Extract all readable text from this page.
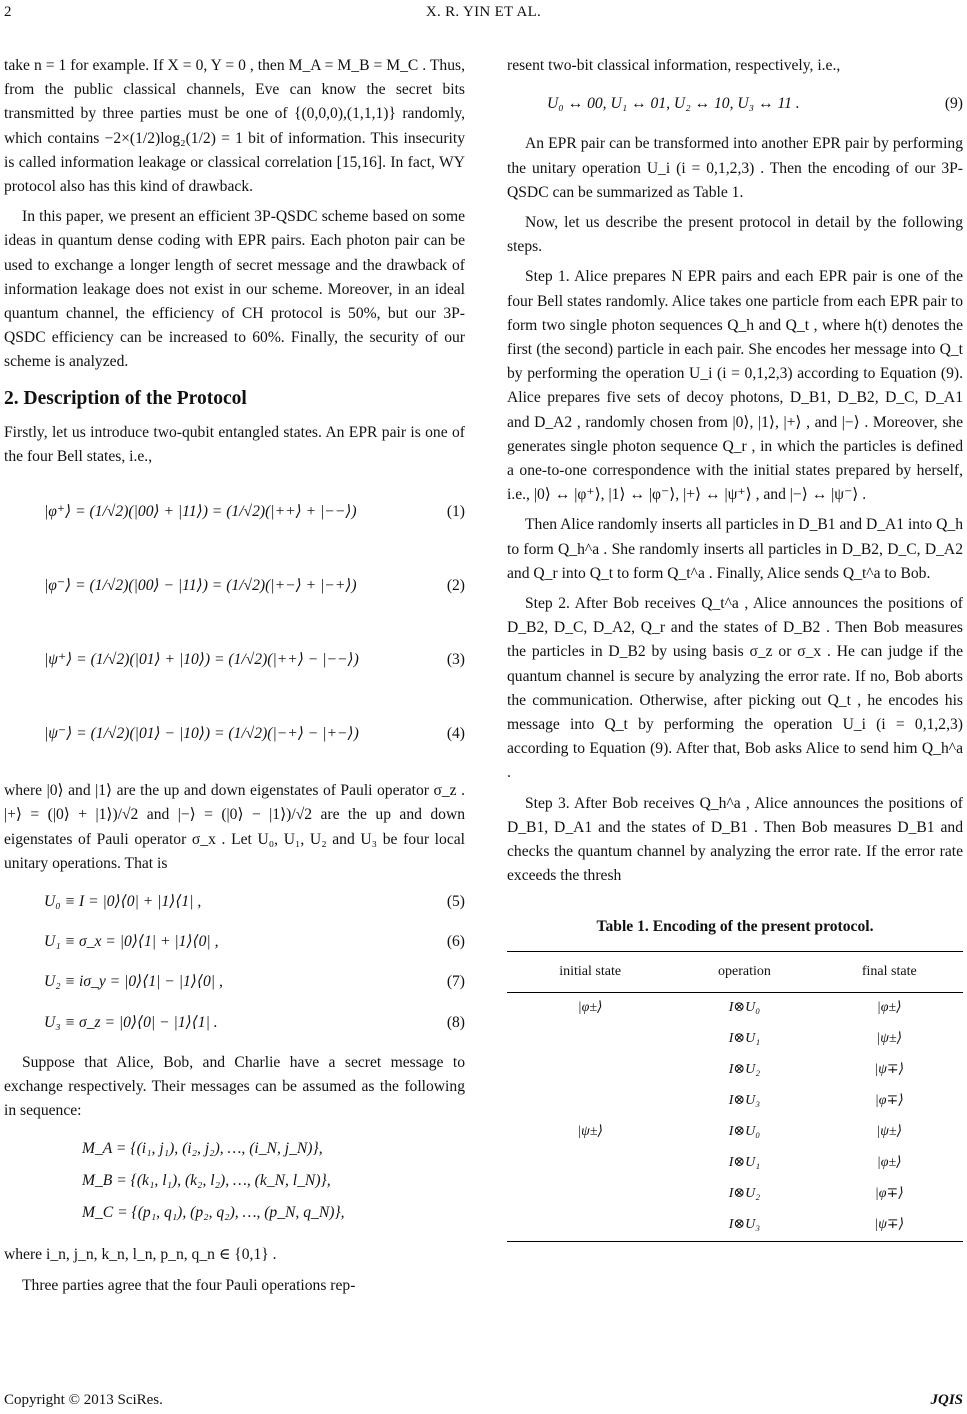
2	X. R. YIN ET AL.

take n = 1 for example. If X = 0, Y = 0 , then M_A = M_B = M_C . Thus, from the public classical channels, Eve can know the secret bits transmitted by three parties must be one of {(0,0,0),(1,1,1)} randomly, which contains −2×(1/2)log₂(1/2) = 1 bit of information. This insecurity is called information leakage or classical correlation [15,16]. In fact, WY protocol also has this kind of drawback.

In this paper, we present an efficient 3P-QSDC scheme based on some ideas in quantum dense coding with EPR pairs. Each photon pair can be used to exchange a longer length of secret message and the drawback of information leakage does not exist in our scheme. Moreover, in an ideal quantum channel, the efficiency of CH protocol is 50%, but our 3P-QSDC efficiency can be increased to 60%. Finally, the security of our scheme is analyzed.

2. Description of the Protocol

Firstly, let us introduce two-qubit entangled states. An EPR pair is one of the four Bell states, i.e.,

|φ⁺⟩ = (1/√2)(|00⟩ + |11⟩) = (1/√2)(|++⟩ + |−−⟩)	(1)
|φ⁻⟩ = (1/√2)(|00⟩ − |11⟩) = (1/√2)(|+−⟩ + |−+⟩)	(2)
|ψ⁺⟩ = (1/√2)(|01⟩ + |10⟩) = (1/√2)(|++⟩ − |−−⟩)	(3)
|ψ⁻⟩ = (1/√2)(|01⟩ − |10⟩) = (1/√2)(|−+⟩ − |+−⟩)	(4)

where |0⟩ and |1⟩ are the up and down eigenstates of Pauli operator σ_z . |+⟩ = (|0⟩ + |1⟩)/√2 and |−⟩ = (|0⟩ − |1⟩)/√2 are the up and down eigenstates of Pauli operator σ_x . Let U₀, U₁, U₂ and U₃ be four local unitary operations. That is

U₀ ≡ I = |0⟩⟨0| + |1⟩⟨1| ,	(5)
U₁ ≡ σ_x = |0⟩⟨1| + |1⟩⟨0| ,	(6)
U₂ ≡ iσ_y = |0⟩⟨1| − |1⟩⟨0| ,	(7)
U₃ ≡ σ_z = |0⟩⟨0| − |1⟩⟨1| .	(8)

Suppose that Alice, Bob, and Charlie have a secret message to exchange respectively. Their messages can be assumed as the following in sequence:

M_A = {(i₁, j₁), (i₂, j₂), …, (i_N, j_N)},
M_B = {(k₁, l₁), (k₂, l₂), …, (k_N, l_N)},
M_C = {(p₁, q₁), (p₂, q₂), …, (p_N, q_N)},

where i_n, j_n, k_n, l_n, p_n, q_n ∈ {0,1} .

Three parties agree that the four Pauli operations rep-

resent two-bit classical information, respectively, i.e.,

U₀ ↔ 00, U₁ ↔ 01, U₂ ↔ 10, U₃ ↔ 11 .	(9)

An EPR pair can be transformed into another EPR pair by performing the unitary operation U_i (i = 0,1,2,3) . Then the encoding of our 3P-QSDC can be summarized as Table 1.

Now, let us describe the present protocol in detail by the following steps.

Step 1. Alice prepares N EPR pairs and each EPR pair is one of the four Bell states randomly. Alice takes one particle from each EPR pair to form two single photon sequences Q_h and Q_t , where h(t) denotes the first (the second) particle in each pair. She encodes her message into Q_t by performing the operation U_i (i = 0,1,2,3) according to Equation (9). Alice prepares five sets of decoy photons, D_B1, D_B2, D_C, D_A1 and D_A2 , randomly chosen from |0⟩, |1⟩, |+⟩ , and |−⟩ . Moreover, she generates single photon sequence Q_r , in which the particles is defined a one-to-one correspondence with the initial states prepared by herself, i.e., |0⟩ ↔ |φ⁺⟩, |1⟩ ↔ |φ⁻⟩, |+⟩ ↔ |ψ⁺⟩ , and |−⟩ ↔ |ψ⁻⟩ .

Then Alice randomly inserts all particles in D_B1 and D_A1 into Q_h to form Q_h^a . She randomly inserts all particles in D_B2, D_C, D_A2 and Q_r into Q_t to form Q_t^a . Finally, Alice sends Q_t^a to Bob.

Step 2. After Bob receives Q_t^a , Alice announces the positions of D_B2, D_C, D_A2, Q_r and the states of D_B2 . Then Bob measures the particles in D_B2 by using basis σ_z or σ_x . He can judge if the quantum channel is secure by analyzing the error rate. If no, Bob aborts the communication. Otherwise, after picking out Q_t , he encodes his message into Q_t by performing the operation U_i (i = 0,1,2,3) according to Equation (9). After that, Bob asks Alice to send him Q_h^a .

Step 3. After Bob receives Q_h^a , Alice announces the positions of D_B1, D_A1 and the states of D_B1 . Then Bob measures D_B1 and checks the quantum channel by analyzing the error rate. If the error rate exceeds the thresh

Table 1. Encoding of the present protocol.
initial state	operation	final state
|φ±⟩	I⊗U₀	|φ±⟩
	I⊗U₁	|ψ±⟩
	I⊗U₂	|ψ∓⟩
	I⊗U₃	|φ∓⟩
|ψ±⟩	I⊗U₀	|ψ±⟩
	I⊗U₁	|φ±⟩
	I⊗U₂	|φ∓⟩
	I⊗U₃	|ψ∓⟩
Copyright © 2013 SciRes.	JQIS
